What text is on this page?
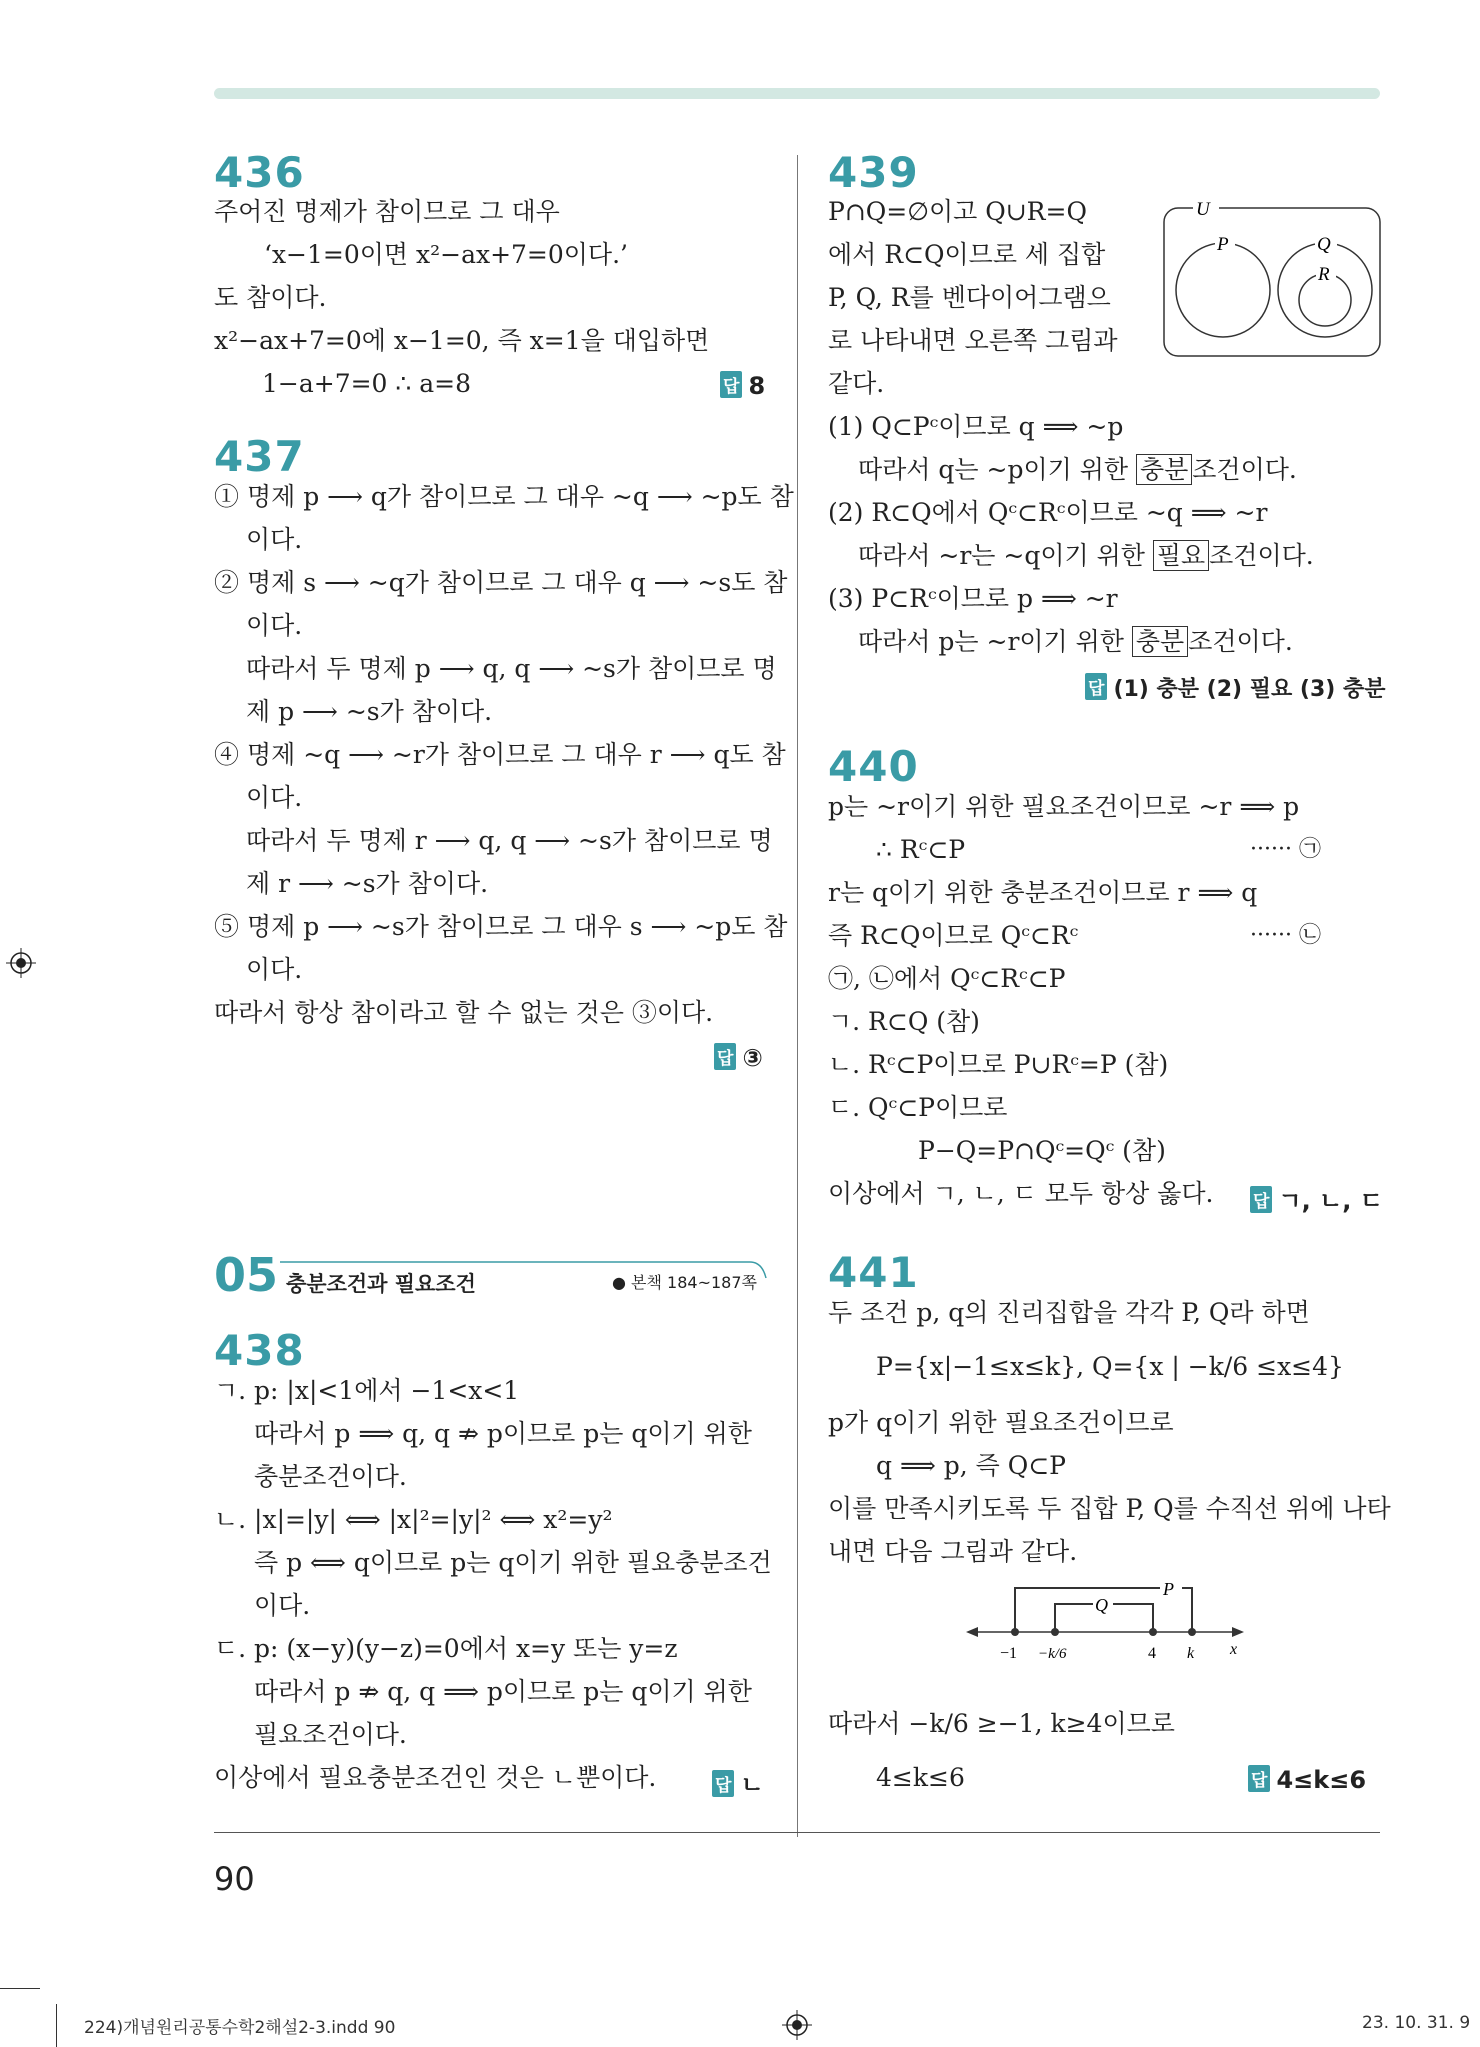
436
주어진 명제가 참이므로 그 대우
‘x−1=0이면 x²−ax+7=0이다.’
도 참이다.
x²−ax+7=0에 x−1=0, 즉 x=1을 대입하면
1−a+7=0 ∴ a=8	답 8
437
① 명제 p ⟶ q가 참이므로 그 대우 ~q ⟶ ~p도 참
이다.
② 명제 s ⟶ ~q가 참이므로 그 대우 q ⟶ ~s도 참
이다.
따라서 두 명제 p ⟶ q, q ⟶ ~s가 참이므로 명
제 p ⟶ ~s가 참이다.
④ 명제 ~q ⟶ ~r가 참이므로 그 대우 r ⟶ q도 참
이다.
따라서 두 명제 r ⟶ q, q ⟶ ~s가 참이므로 명
제 r ⟶ ~s가 참이다.
⑤ 명제 p ⟶ ~s가 참이므로 그 대우 s ⟶ ~p도 참
이다.
따라서 항상 참이라고 할 수 없는 것은 ③이다.
답 ③
05 충분조건과 필요조건	● 본책 184~187쪽
438
ㄱ. p: |x|<1에서 −1<x<1
따라서 p ⟹ q, q ⇏ p이므로 p는 q이기 위한
충분조건이다.
ㄴ. |x|=|y| ⟺ |x|²=|y|² ⟺ x²=y²
즉 p ⟺ q이므로 p는 q이기 위한 필요충분조건
이다.
ㄷ. p: (x−y)(y−z)=0에서 x=y 또는 y=z
따라서 p ⇏ q, q ⟹ p이므로 p는 q이기 위한
필요조건이다.
이상에서 필요충분조건인 것은 ㄴ뿐이다.	답 ㄴ
439
P∩Q=∅이고 Q∪R=Q
에서 R⊂Q이므로 세 집합
P, Q, R를 벤다이어그램으
로 나타내면 오른쪽 그림과
같다.
U
P	Q
R
(1) Q⊂Pᶜ이므로 q ⟹ ~p
따라서 q는 ~p이기 위한 충분 조건이다.
(2) R⊂Q에서 Qᶜ⊂Rᶜ이므로 ~q ⟹ ~r
따라서 ~r는 ~q이기 위한 필요 조건이다.
(3) P⊂Rᶜ이므로 p ⟹ ~r
따라서 p는 ~r이기 위한 충분 조건이다.
답 (1) 충분 (2) 필요 (3) 충분
440
p는 ~r이기 위한 필요조건이므로 ~r ⟹ p
∴ Rᶜ⊂P	······ ㉠
r는 q이기 위한 충분조건이므로 r ⟹ q
즉 R⊂Q이므로 Qᶜ⊂Rᶜ	······ ㉡
㉠, ㉡에서 Qᶜ⊂Rᶜ⊂P
ㄱ. R⊂Q (참)
ㄴ. Rᶜ⊂P이므로 P∪Rᶜ=P (참)
ㄷ. Qᶜ⊂P이므로
P−Q=P∩Qᶜ=Qᶜ (참)
이상에서 ㄱ, ㄴ, ㄷ 모두 항상 옳다. 답 ㄱ, ㄴ, ㄷ
441
두 조건 p, q의 진리집합을 각각 P, Q라 하면
P={x|−1≤x≤k}, Q={x | −k/6 ≤x≤4}
p가 q이기 위한 필요조건이므로
q ⟹ p, 즉 Q⊂P
이를 만족시키도록 두 집합 P, Q를 수직선 위에 나타
내면 다음 그림과 같다.
P
Q
−1 −k/6	4 k x
따라서 −k/6 ≥−1, k≥4이므로
4≤k≤6	답 4≤k≤6
90
224)개념원리공통수학2해설2-3.indd 90	23. 10. 31. 9
